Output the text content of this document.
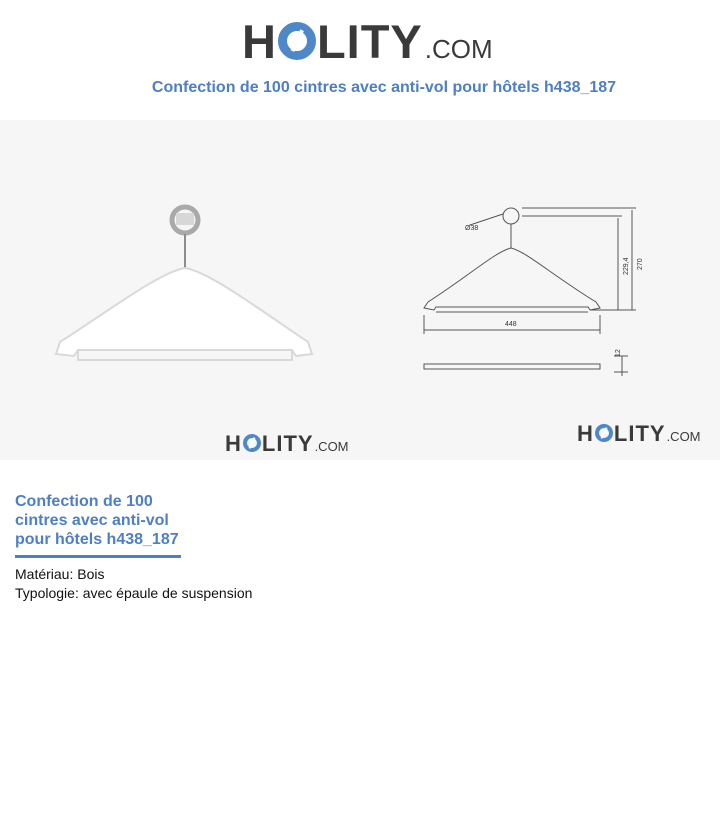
H LITY .COM
Confection de 100 cintres avec anti-vol pour hôtels h438_187
Ø38
448
270
229,4
12
H LITY .COM
H LITY .COM
Confection de 100 cintres avec anti-vol pour hôtels h438_187
Matériau: Bois
Typologie: avec épaule de suspension
